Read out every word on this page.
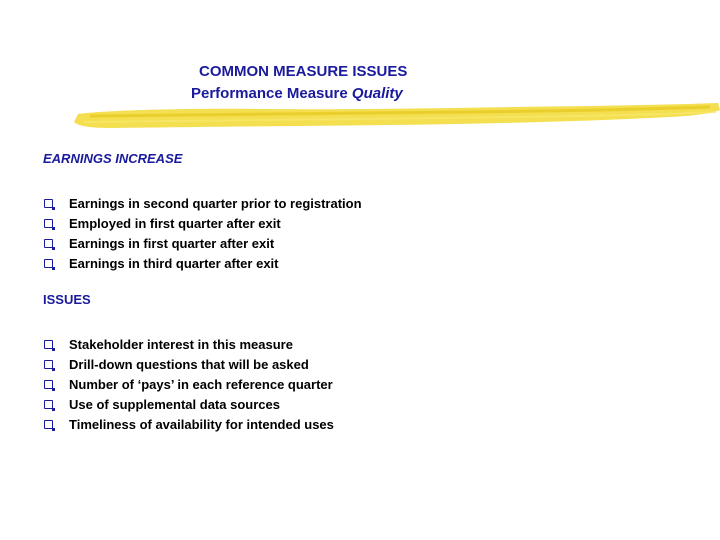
COMMON MEASURE ISSUES
Performance Measure Quality
EARNINGS INCREASE
Earnings in second quarter prior to registration
Employed in first quarter after exit
Earnings in first quarter after exit
Earnings in third quarter after exit
ISSUES
Stakeholder interest in this measure
Drill-down questions that will be asked
Number of ‘pays’ in each reference quarter
Use of supplemental data sources
Timeliness of availability for intended uses
